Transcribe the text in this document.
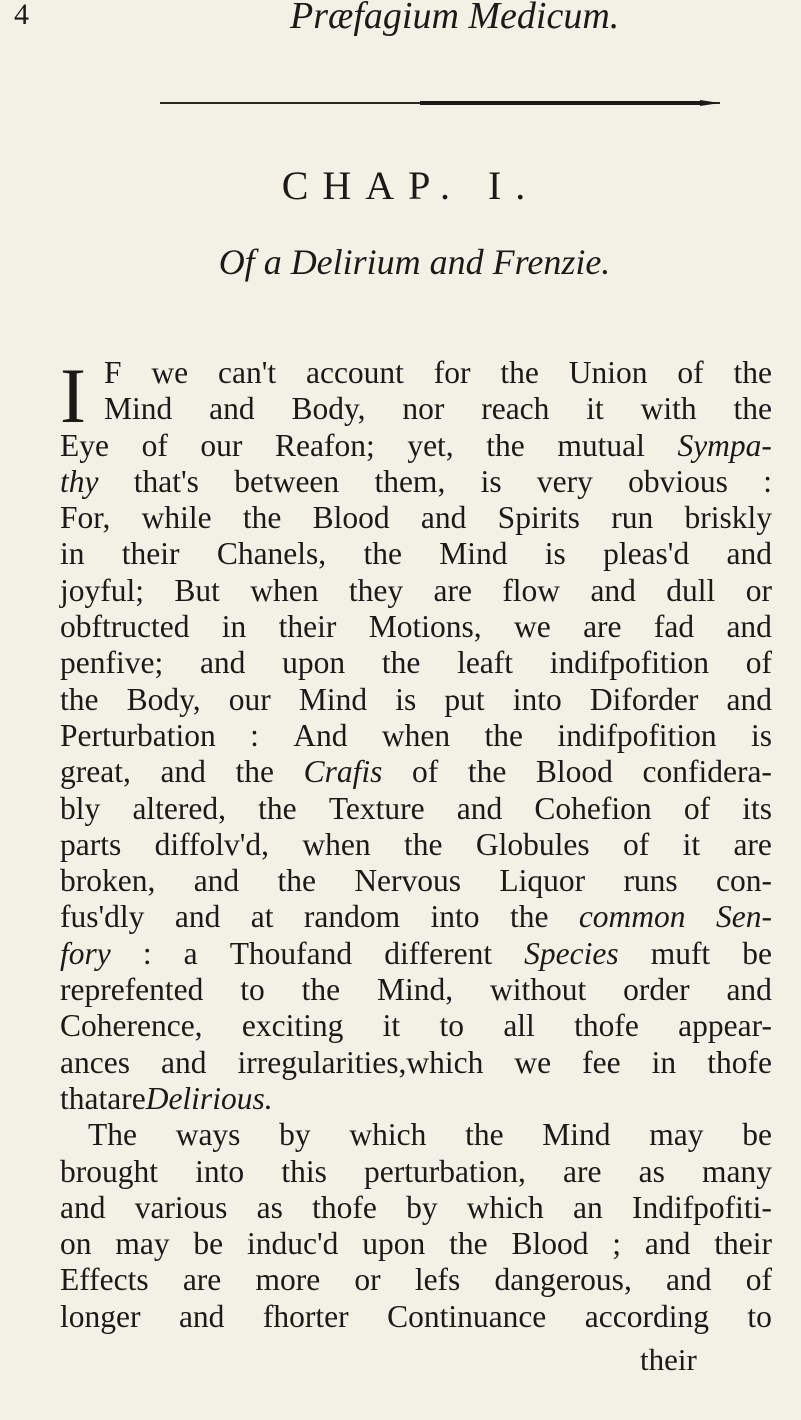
4	Præfagium Medicum.
CHAP. I.
Of a Delirium and Frenzie.
I F we can't account for the Union of the
Mind and Body, nor reach it with the
Eye of our Reafon; yet, the mutual Sympa-
thy that's between them, is very obvious :
For, while the Blood and Spirits run briskly
in their Chanels, the Mind is pleas'd and
joyful; But when they are flow and dull or
obftructed in their Motions, we are fad and
penfive; and upon the leaft indifpofition of
the Body, our Mind is put into Diforder and
Perturbation : And when the indifpofition is
great, and the Crafis of the Blood confidera-
bly altered, the Texture and Cohefion of its
parts diffolv'd, when the Globules of it are
broken, and the Nervous Liquor runs con-
fus'dly and at random into the common Sen-
fory : a Thoufand different Species muft be
reprefented to the Mind, without order and
Coherence, exciting it to all thofe appear-
ances and irregularities,which we fee in thofe
that are Delirious.
The ways by which the Mind may be
brought into this perturbation, are as many
and various as thofe by which an Indifpofiti-
on may be induc'd upon the Blood ; and their
Effects are more or lefs dangerous, and of
longer and fhorter Continuance according to
their
